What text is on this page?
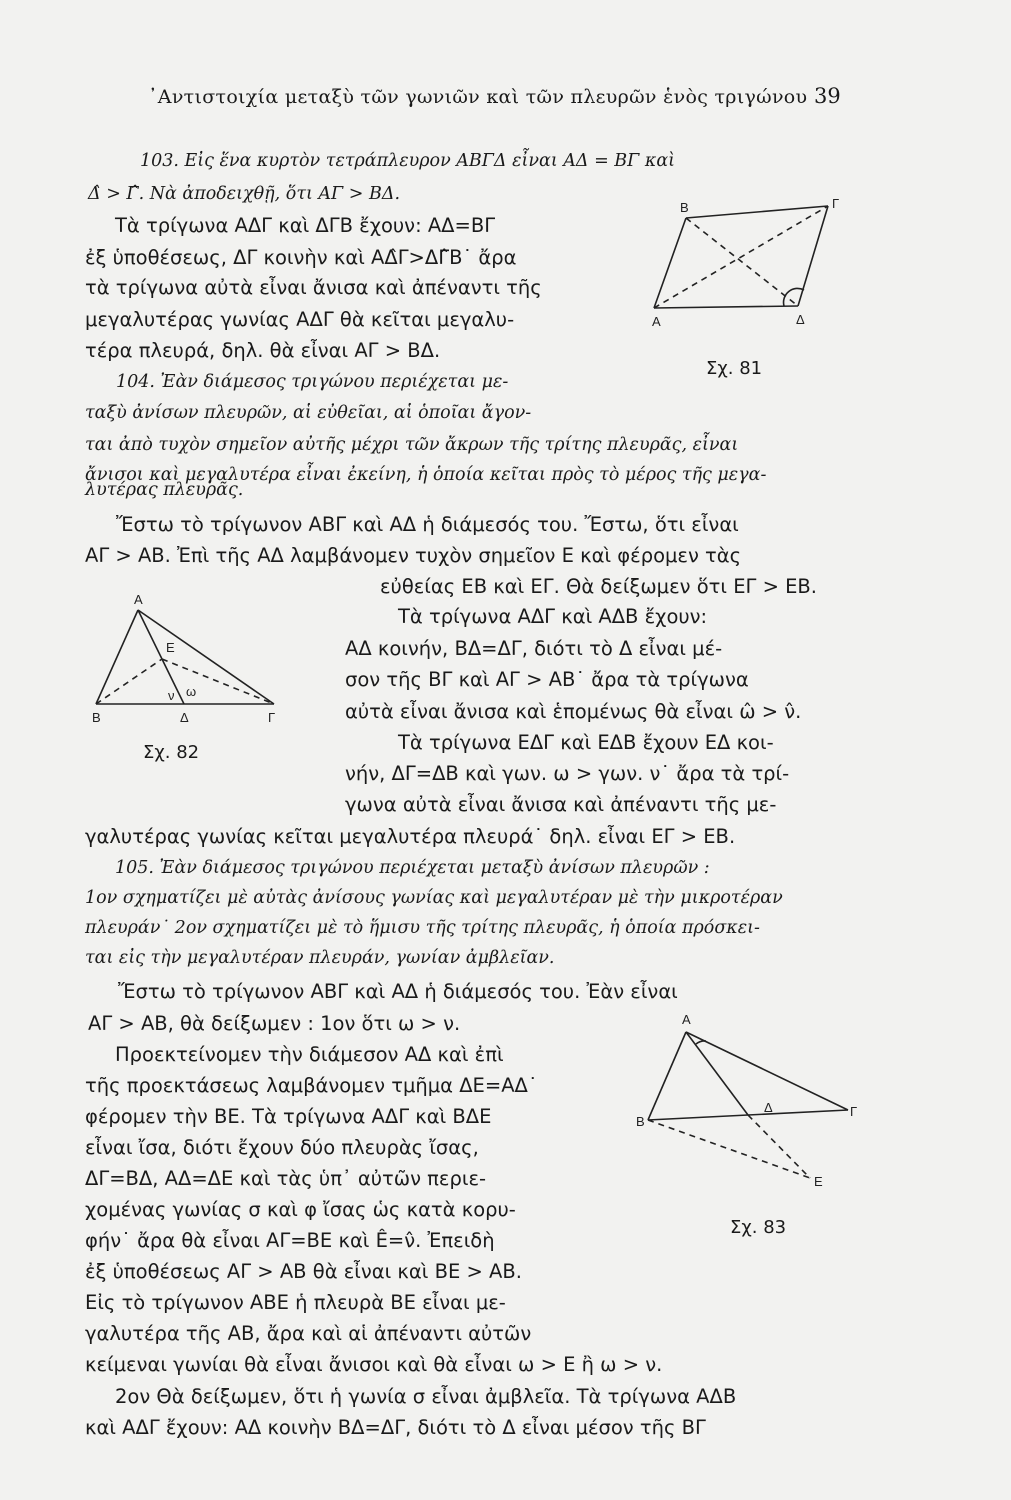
᾿Αντιστοιχία μεταξὺ τῶν γωνιῶν καὶ τῶν πλευρῶν ἑνὸς τριγώνου 39
103. Εἰς ἕνα κυρτὸν τετράπλευρον ΑΒΓΔ εἶναι ΑΔ = ΒΓ καὶ
Δ̂ > Γ̂. Νὰ ἀποδειχθῇ, ὅτι ΑΓ > ΒΔ.
Τὰ τρίγωνα ΑΔΓ καὶ ΔΓΒ ἔχουν: ΑΔ=ΒΓ
ἐξ ὑποθέσεως, ΔΓ κοινὴν καὶ ΑΔ̂Γ>ΔΓ̂Β˙ ἄρα
τὰ τρίγωνα αὐτὰ εἶναι ἄνισα καὶ ἀπέναντι τῆς
μεγαλυτέρας γωνίας ΑΔΓ θὰ κεῖται μεγαλυ-
τέρα πλευρά, δηλ. θὰ εἶναι ΑΓ > ΒΔ.
104. Ἐὰν διάμεσος τριγώνου περιέχεται με-
ταξὺ ἀνίσων πλευρῶν, αἱ εὐθεῖαι, αἱ ὁποῖαι ἄγον-
ται ἀπὸ τυχὸν σημεῖον αὐτῆς μέχρι τῶν ἄκρων τῆς τρίτης πλευρᾶς, εἶναι
ἄνισοι καὶ μεγαλυτέρα εἶναι ἐκείνη, ἡ ὁποία κεῖται πρὸς τὸ μέρος τῆς μεγα-
λυτέρας πλευρᾶς.
Ἔστω τὸ τρίγωνον ΑΒΓ καὶ ΑΔ ἡ διάμεσός του. Ἔστω, ὅτι εἶναι
ΑΓ > ΑΒ. Ἐπὶ τῆς ΑΔ λαμβάνομεν τυχὸν σημεῖον Ε καὶ φέρομεν τὰς
εὐθείας ΕΒ καὶ ΕΓ. Θὰ δείξωμεν ὅτι ΕΓ > ΕΒ.
Τὰ τρίγωνα ΑΔΓ καὶ ΑΔΒ ἔχουν:
ΑΔ κοινήν, ΒΔ=ΔΓ, διότι τὸ Δ εἶναι μέ-
σον τῆς ΒΓ καὶ ΑΓ > ΑΒ˙ ἄρα τὰ τρίγωνα
αὐτὰ εἶναι ἄνισα καὶ ἑπομένως θὰ εἶναι ω̂ > ν̂.
Τὰ τρίγωνα ΕΔΓ καὶ ΕΔΒ ἔχουν ΕΔ κοι-
νήν, ΔΓ=ΔΒ καὶ γων. ω > γων. ν˙ ἄρα τὰ τρί-
γωνα αὐτὰ εἶναι ἄνισα καὶ ἀπέναντι τῆς με-
γαλυτέρας γωνίας κεῖται μεγαλυτέρα πλευρά˙ δηλ. εἶναι ΕΓ > ΕΒ.
105. Ἐὰν διάμεσος τριγώνου περιέχεται μεταξὺ ἀνίσων πλευρῶν :
1ον σχηματίζει μὲ αὐτὰς ἀνίσους γωνίας καὶ μεγαλυτέραν μὲ τὴν μικροτέραν
πλευράν˙ 2ον σχηματίζει μὲ τὸ ἥμισυ τῆς τρίτης πλευρᾶς, ἡ ὁποία πρόσκει-
ται εἰς τὴν μεγαλυτέραν πλευράν, γωνίαν ἀμβλεῖαν.
Ἔστω τὸ τρίγωνον ΑΒΓ καὶ ΑΔ ἡ διάμεσός του. Ἐὰν εἶναι
ΑΓ > ΑΒ, θὰ δείξωμεν : 1ον ὅτι ω > ν.
Προεκτείνομεν τὴν διάμεσον ΑΔ καὶ ἐπὶ
τῆς προεκτάσεως λαμβάνομεν τμῆμα ΔΕ=ΑΔ˙
φέρομεν τὴν ΒΕ. Τὰ τρίγωνα ΑΔΓ καὶ ΒΔΕ
εἶναι ἴσα, διότι ἔχουν δύο πλευρὰς ἴσας,
ΔΓ=ΒΔ, ΑΔ=ΔΕ καὶ τὰς ὑπ᾿ αὐτῶν περιε-
χομένας γωνίας σ καὶ φ ἴσας ὡς κατὰ κορυ-
φήν˙ ἄρα θὰ εἶναι ΑΓ=ΒΕ καὶ Ê=ν̂. Ἐπειδὴ
ἐξ ὑποθέσεως ΑΓ > ΑΒ θὰ εἶναι καὶ ΒΕ > ΑΒ.
Εἰς τὸ τρίγωνον ΑΒΕ ἡ πλευρὰ ΒΕ εἶναι με-
γαλυτέρα τῆς ΑΒ, ἄρα καὶ αἱ ἀπέναντι αὐτῶν
κείμεναι γωνίαι θὰ εἶναι ἄνισοι καὶ θὰ εἶναι ω > Ε ἢ ω > ν.
2ον Θὰ δείξωμεν, ὅτι ἡ γωνία σ εἶναι ἀμβλεῖα. Τὰ τρίγωνα ΑΔΒ
καὶ ΑΔΓ ἔχουν: ΑΔ κοινὴν ΒΔ=ΔΓ, διότι τὸ Δ εἶναι μέσον τῆς ΒΓ
Β	Γ
Α	Δ
Σχ. 81
Α
Β	Γ
Δ
Ε
ν ω
Σχ. 82
Α
Β
Γ
Δ
Ε
Σχ. 83
